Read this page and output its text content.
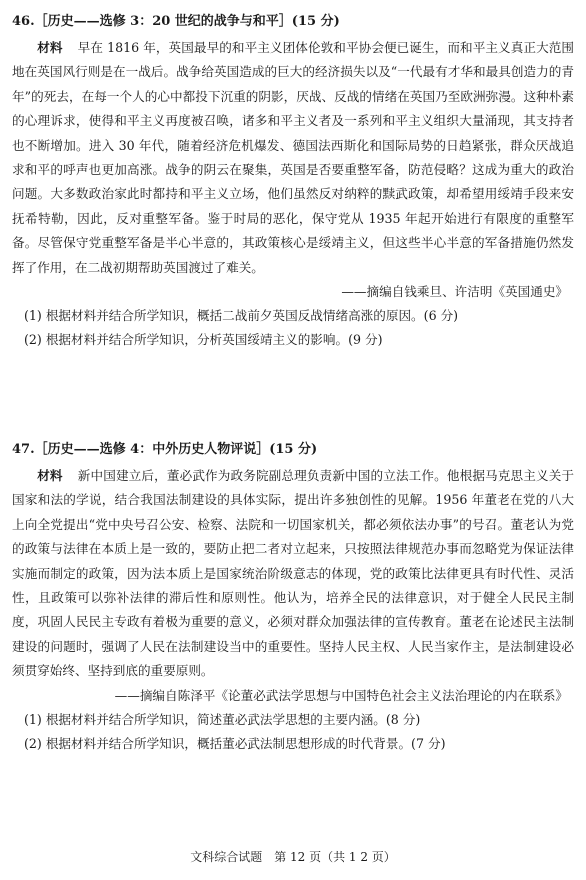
46.［历史——选修 3：20 世纪的战争与和平］(15 分)

材料 早在 1816 年，英国最早的和平主义团体伦敦和平协会便已诞生，而和平主义真正大范围地在英国风行则是在一战后。战争给英国造成的巨大的经济损失以及“一代最有才华和最具创造力的青年”的死去，在每一个人的心中都投下沉重的阴影，厌战、反战的情绪在英国乃至欧洲弥漫。这种朴素的心理诉求，使得和平主义再度被召唤，诸多和平主义者及一系列和平主义组织大量涌现，其支持者也不断增加。进入 30 年代，随着经济危机爆发、德国法西斯化和国际局势的日趋紧张，群众厌战追求和平的呼声也更加高涨。战争的阴云在聚集，英国是否要重整军备，防范侵略？这成为重大的政治问题。大多数政治家此时都持和平主义立场，他们虽然反对纳粹的黩武政策，却希望用绥靖手段来安抚希特勒，因此，反对重整军备。鉴于时局的恶化，保守党从 1935 年起开始进行有限度的重整军备。尽管保守党重整军备是半心半意的，其政策核心是绥靖主义，但这些半心半意的军备措施仍然发挥了作用，在二战初期帮助英国渡过了难关。

——摘编自钱乘旦、许洁明《英国通史》

(1) 根据材料并结合所学知识，概括二战前夕英国反战情绪高涨的原因。(6 分)

(2) 根据材料并结合所学知识，分析英国绥靖主义的影响。(9 分)

47.［历史——选修 4：中外历史人物评说］(15 分)

材料 新中国建立后，董必武作为政务院副总理负责新中国的立法工作。他根据马克思主义关于国家和法的学说，结合我国法制建设的具体实际，提出许多独创性的见解。1956 年董老在党的八大上向全党提出“党中央号召公安、检察、法院和一切国家机关，都必须依法办事”的号召。董老认为党的政策与法律在本质上是一致的，要防止把二者对立起来，只按照法律规范办事而忽略党为保证法律实施而制定的政策，因为法本质上是国家统治阶级意志的体现，党的政策比法律更具有时代性、灵活性，且政策可以弥补法律的滞后性和原则性。他认为，培养全民的法律意识，对于健全人民民主制度，巩固人民民主专政有着极为重要的意义，必须对群众加强法律的宣传教育。董老在论述民主法制建设的问题时，强调了人民在法制建设当中的重要性。坚持人民主权、人民当家作主，是法制建设必须贯穿始终、坚持到底的重要原则。

——摘编自陈泽平《论董必武法学思想与中国特色社会主义法治理论的内在联系》

(1) 根据材料并结合所学知识，简述董必武法学思想的主要内涵。(8 分)

(2) 根据材料并结合所学知识，概括董必武法制思想形成的时代背景。(7 分)

文科综合试题　第 12 页（共 1 2 页）
